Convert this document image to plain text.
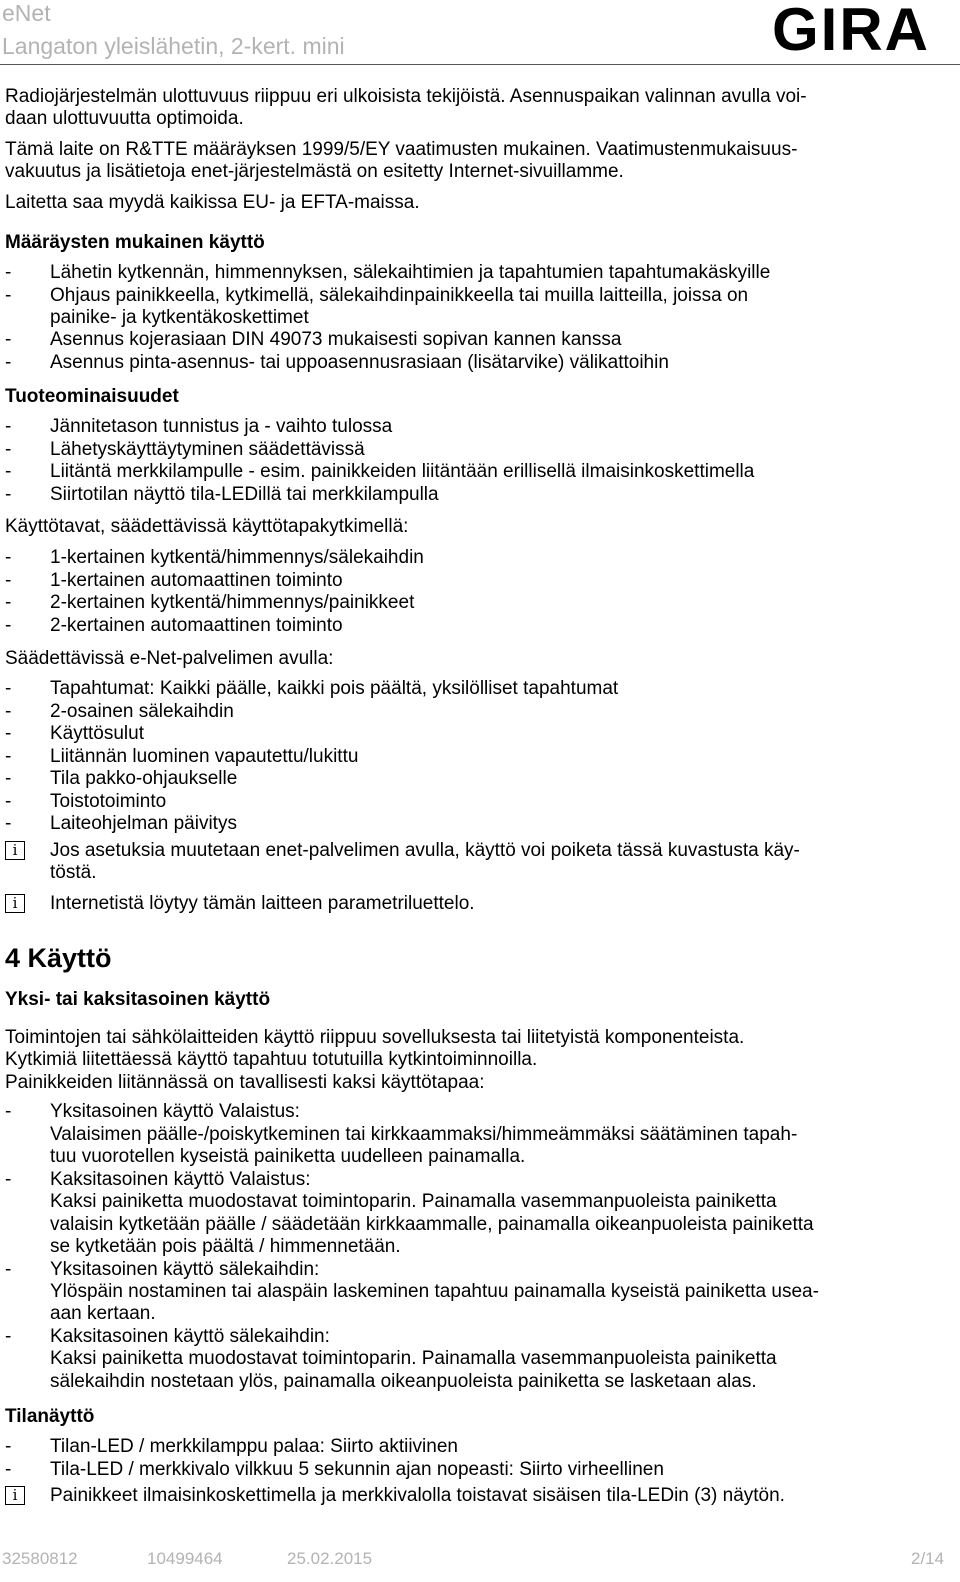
eNet
Langaton yleislähetin, 2-kert. mini	GIRA
Radiojärjestelmän ulottuvuus riippuu eri ulkoisista tekijöistä. Asennuspaikan valinnan avulla voi-
daan ulottuvuutta optimoida.
Tämä laite on R&TTE määräyksen 1999/5/EY vaatimusten mukainen. Vaatimustenmukaisuus-
vakuutus ja lisätietoja enet-järjestelmästä on esitetty Internet-sivuillamme.
Laitetta saa myydä kaikissa EU- ja EFTA-maissa.
Määräysten mukainen käyttö
- Lähetin kytkennän, himmennyksen, sälekaihtimien ja tapahtumien tapahtumakäskyille
- Ohjaus painikkeella, kytkimellä, sälekaihdinpainikkeella tai muilla laitteilla, joissa on
painike- ja kytkentäkoskettimet
- Asennus kojerasiaan DIN 49073 mukaisesti sopivan kannen kanssa
- Asennus pinta-asennus- tai uppoasennusrasiaan (lisätarvike) välikattoihin
Tuoteominaisuudet
- Jännitetason tunnistus ja - vaihto tulossa
- Lähetyskäyttäytyminen säädettävissä
- Liitäntä merkkilampulle - esim. painikkeiden liitäntään erillisellä ilmaisinkoskettimella
- Siirtotilan näyttö tila-LEDillä tai merkkilampulla
Käyttötavat, säädettävissä käyttötapakytkimellä:
- 1-kertainen kytkentä/himmennys/sälekaihdin
- 1-kertainen automaattinen toiminto
- 2-kertainen kytkentä/himmennys/painikkeet
- 2-kertainen automaattinen toiminto
Säädettävissä e-Net-palvelimen avulla:
- Tapahtumat: Kaikki päälle, kaikki pois päältä, yksilölliset tapahtumat
- 2-osainen sälekaihdin
- Käyttösulut
- Liitännän luominen vapautettu/lukittu
- Tila pakko-ohjaukselle
- Toistotoiminto
- Laiteohjelman päivitys
i	Jos asetuksia muutetaan enet-palvelimen avulla, käyttö voi poiketa tässä kuvastusta käy-
töstä.
i	Internetistä löytyy tämän laitteen parametriluettelo.
4 Käyttö
Yksi- tai kaksitasoinen käyttö
Toimintojen tai sähkölaitteiden käyttö riippuu sovelluksesta tai liitetyistä komponenteista.
Kytkimiä liitettäessä käyttö tapahtuu totutuilla kytkintoiminnoilla.
Painikkeiden liitännässä on tavallisesti kaksi käyttötapaa:
- Yksitasoinen käyttö Valaistus:
Valaisimen päälle-/poiskytkeminen tai kirkkaammaksi/himmeämmäksi säätäminen tapah-
tuu vuorotellen kyseistä painiketta uudelleen painamalla.
- Kaksitasoinen käyttö Valaistus:
Kaksi painiketta muodostavat toimintoparin. Painamalla vasemmanpuoleista painiketta
valaisin kytketään päälle / säädetään kirkkaammalle, painamalla oikeanpuoleista painiketta
se kytketään pois päältä / himmennetään.
- Yksitasoinen käyttö sälekaihdin:
Ylöspäin nostaminen tai alaspäin laskeminen tapahtuu painamalla kyseistä painiketta usea-
aan kertaan.
- Kaksitasoinen käyttö sälekaihdin:
Kaksi painiketta muodostavat toimintoparin. Painamalla vasemmanpuoleista painiketta
sälekaihdin nostetaan ylös, painamalla oikeanpuoleista painiketta se lasketaan alas.
Tilanäyttö
- Tilan-LED / merkkilamppu palaa: Siirto aktiivinen
- Tila-LED / merkkivalo vilkkuu 5 sekunnin ajan nopeasti: Siirto virheellinen
i	Painikkeet ilmaisinkoskettimella ja merkkivalolla toistavat sisäisen tila-LEDin (3) näytön.
32580812	10499464	25.02.2015	2/14
